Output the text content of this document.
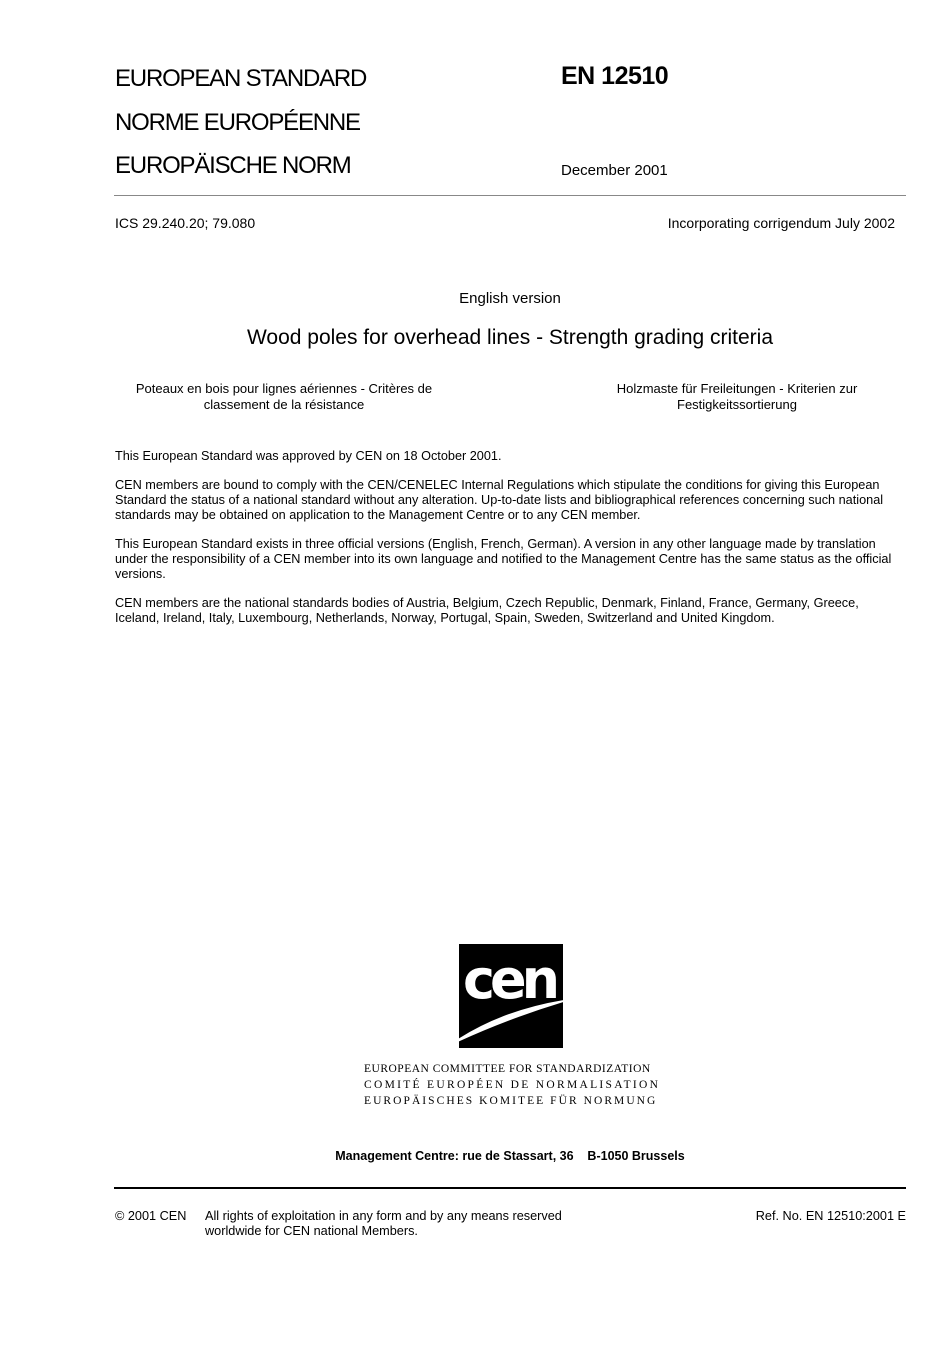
EUROPEAN STANDARD
NORME EUROPÉENNE
EUROPÄISCHE NORM
EN 12510
December 2001
ICS 29.240.20; 79.080	Incorporating corrigendum July 2002
English version
Wood poles for overhead lines - Strength grading criteria
Poteaux en bois pour lignes aériennes - Critères de classement de la résistance
Holzmaste für Freileitungen - Kriterien zur Festigkeitssortierung
This European Standard was approved by CEN on 18 October 2001.
CEN members are bound to comply with the CEN/CENELEC Internal Regulations which stipulate the conditions for giving this European Standard the status of a national standard without any alteration. Up-to-date lists and bibliographical references concerning such national standards may be obtained on application to the Management Centre or to any CEN member.
This European Standard exists in three official versions (English, French, German). A version in any other language made by translation under the responsibility of a CEN member into its own language and notified to the Management Centre has the same status as the official versions.
CEN members are the national standards bodies of Austria, Belgium, Czech Republic, Denmark, Finland, France, Germany, Greece, Iceland, Ireland, Italy, Luxembourg, Netherlands, Norway, Portugal, Spain, Sweden, Switzerland and United Kingdom.
cen
EUROPEAN COMMITTEE FOR STANDARDIZATION
COMITÉ EUROPÉEN DE NORMALISATION
EUROPÄISCHES KOMITEE FÜR NORMUNG
Management Centre: rue de Stassart, 36    B-1050 Brussels
© 2001 CEN All rights of exploitation in any form and by any means reserved worldwide for CEN national Members.
Ref. No. EN 12510:2001 E
